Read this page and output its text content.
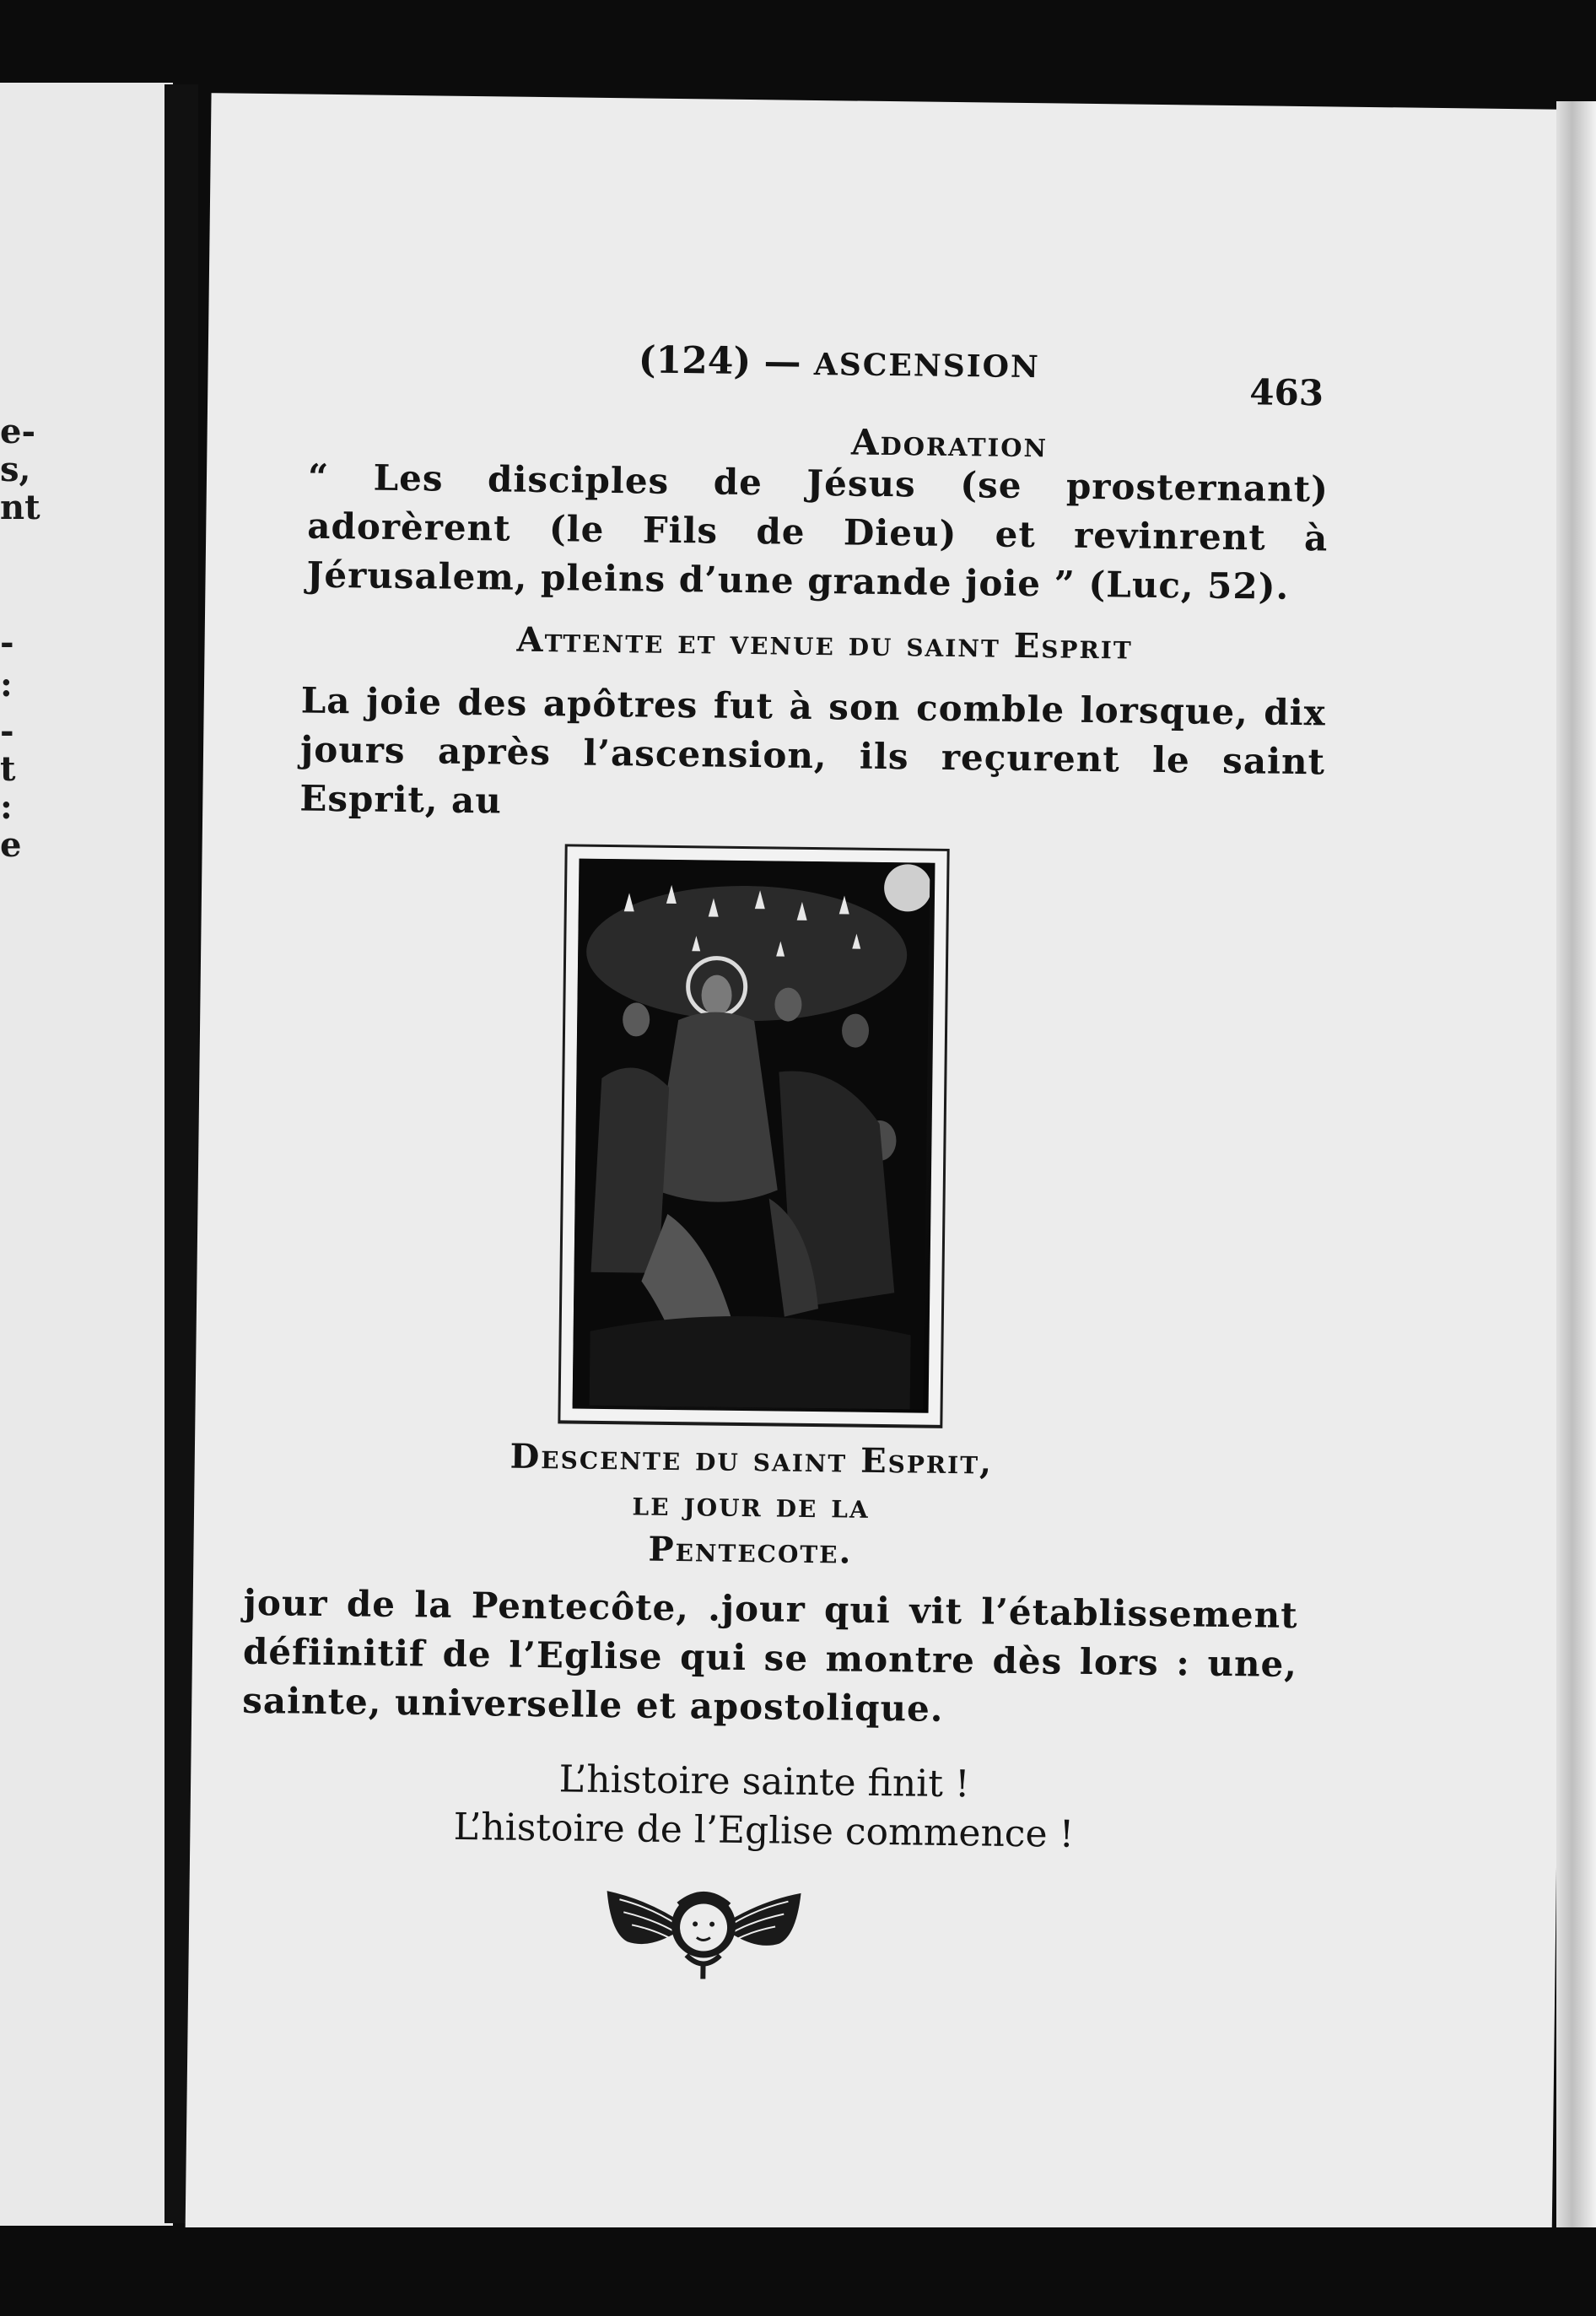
e-
s,
nt
-
:
-
t
:
e
(124) — ASCENSION
463
Adoration
“ Les disciples de Jésus (se prosternant) adorèrent (le Fils de Dieu) et revinrent à Jérusalem, pleins d’une grande joie ” (Luc, 52).
Attente et venue du saint Esprit
La joie des apôtres fut à son comble lorsque, dix jours après l’ascension, ils reçurent le saint Esprit, au
Descente du saint Esprit,
le jour de la
Pentecote.
jour de la Pentecôte, .jour qui vit l’établissement défiinitif de l’Eglise qui se montre dès lors : une, sainte, universelle et apostolique.
L’histoire sainte finit !
L’histoire de l’Eglise commence !
